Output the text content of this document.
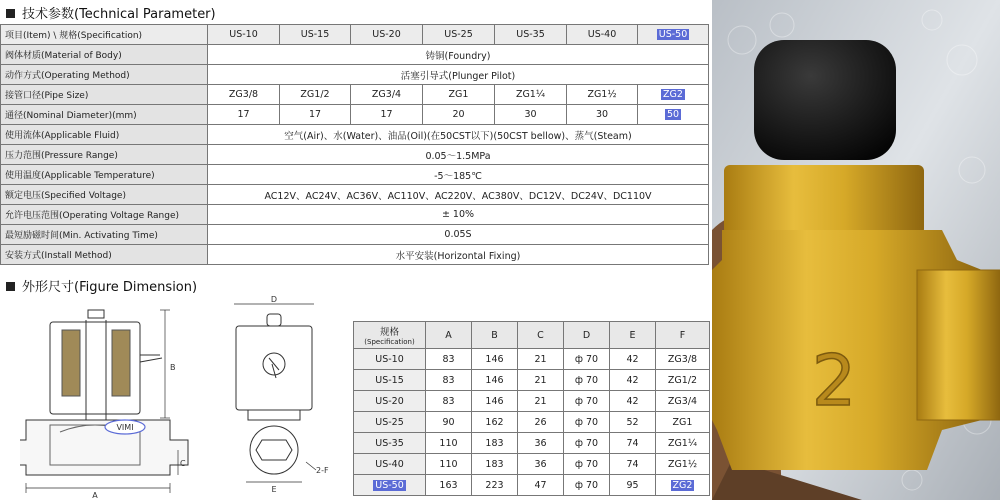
技术参数(Technical Parameter)
项目(Item) \ 规格(Specification)	US-10	US-15	US-20	US-25	US-35	US-40	US-50
阀体材质(Material of Body)	铸铜(Foundry)						
动作方式(Operating Method)	活塞引导式(Plunger Pilot)						
接管口径(Pipe Size)	ZG3/8	ZG1/2	ZG3/4	ZG1	ZG1¼	ZG1½	ZG2
通径(Nominal Diameter)(mm)	17	17	17	20	30	30	50
使用流体(Applicable Fluid)	空气(Air)、水(Water)、油品(Oil)(在50CST以下)(50CST bellow)、蒸气(Steam)						
压力范围(Pressure Range)	0.05～1.5MPa						
使用温度(Applicable Temperature)	-5～185℃						
额定电压(Specified Voltage)	AC12V、AC24V、AC36V、AC110V、AC220V、AC380V、DC12V、DC24V、DC110V						
允许电压范围(Operating Voltage Range)	± 10%						
最短励磁时间(Min. Activating Time)	0.05S						
安装方式(Install Method)	水平安装(Horizontal Fixing)						
外形尺寸(Figure Dimension)
VIMI
B
C
A
D
E
2-F
规格
(Specification)	A	B	C	D	E	F
US-10	83	146	21	ф 70	42	ZG3/8
US-15	83	146	21	ф 70	42	ZG1/2
US-20	83	146	21	ф 70	42	ZG3/4
US-25	90	162	26	ф 70	52	ZG1
US-35	110	183	36	ф 70	74	ZG1¼
US-40	110	183	36	ф 70	74	ZG1½
US-50	163	223	47	ф 70	95	ZG2
2
